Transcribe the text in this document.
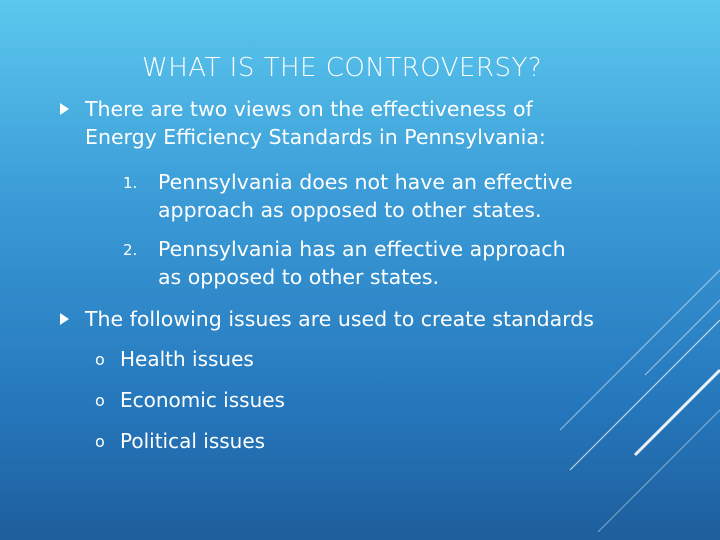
WHAT IS THE CONTROVERSY?
There are two views on the effectiveness of
Energy Efficiency Standards in Pennsylvania:
1. Pennsylvania does not have an effective
approach as opposed to other states.
2. Pennsylvania has an effective approach
as opposed to other states.
The following issues are used to create standards
o Health issues
o Economic issues
o Political issues
